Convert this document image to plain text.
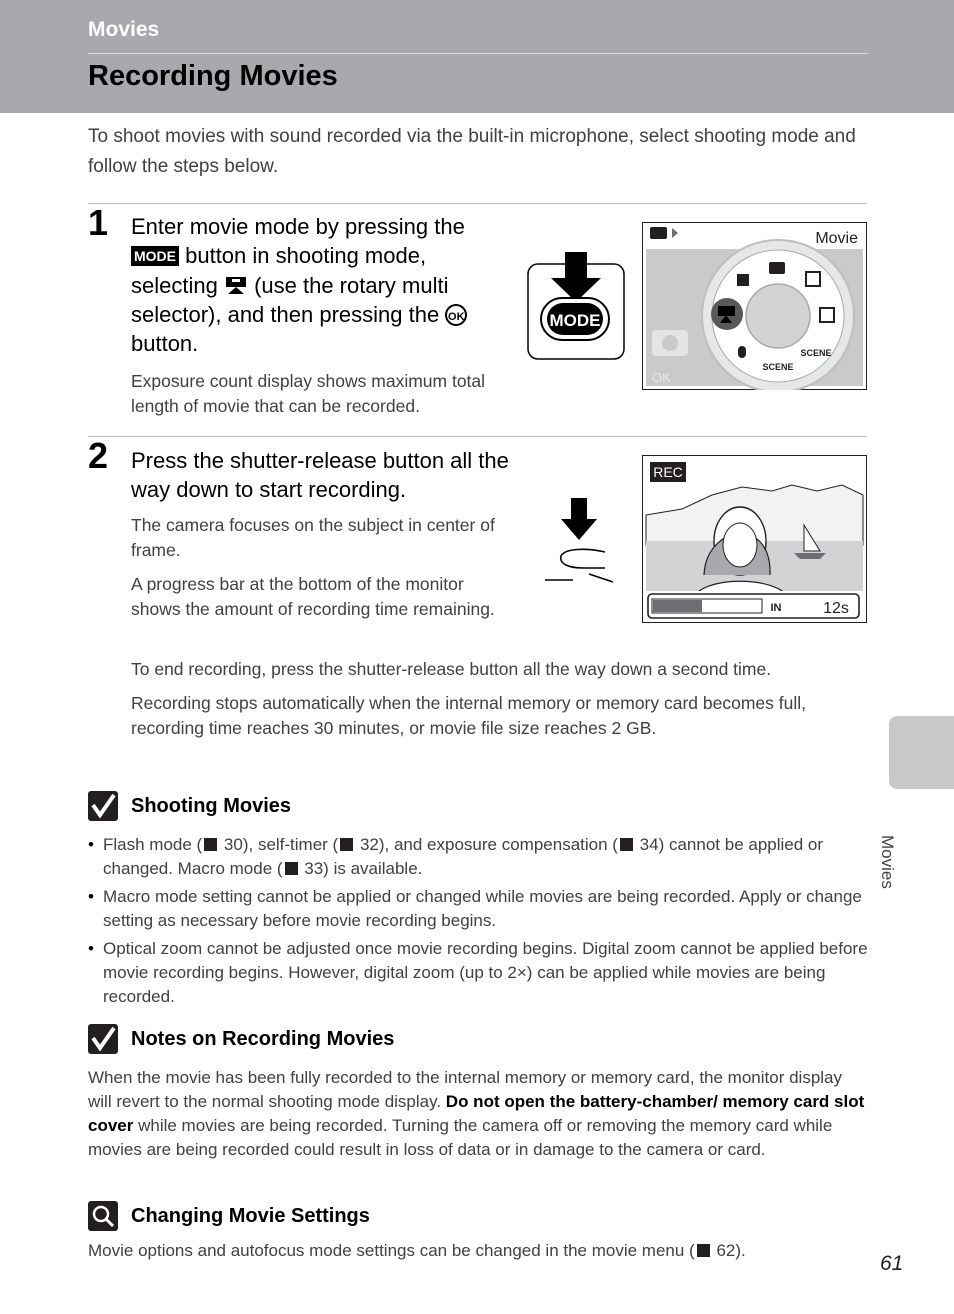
Movies
Recording Movies
To shoot movies with sound recorded via the built-in microphone, select shooting mode and follow the steps below.
1 Enter movie mode by pressing the
MODE button in shooting mode,
selecting  (use the rotary multi
selector), and then pressing the OK
button.
Exposure count display shows maximum total length of movie that can be recorded.
MODE
Movie
OK
SCENE
SCENE
2 Press the shutter-release button all the way down to start recording.

The camera focuses on the subject in center of frame.

A progress bar at the bottom of the monitor shows the amount of recording time remaining.

To end recording, press the shutter-release button all the way down a second time.

Recording stops automatically when the internal memory or memory card becomes full, recording time reaches 30 minutes, or movie file size reaches 2 GB.

REC
IN	12s
Shooting Movies
• Flash mode ( 30), self-timer ( 32), and exposure compensation ( 34) cannot be applied or changed. Macro mode ( 33) is available.
• Macro mode setting cannot be applied or changed while movies are being recorded. Apply or change setting as necessary before movie recording begins.
• Optical zoom cannot be adjusted once movie recording begins. Digital zoom cannot be applied before movie recording begins. However, digital zoom (up to 2×) can be applied while movies are being recorded.
Notes on Recording Movies
When the movie has been fully recorded to the internal memory or memory card, the monitor display will revert to the normal shooting mode display. Do not open the battery-chamber/ memory card slot cover while movies are being recorded. Turning the camera off or removing the memory card while movies are being recorded could result in loss of data or in damage to the camera or card.
Changing Movie Settings
Movie options and autofocus mode settings can be changed in the movie menu ( 62).
Movies
61
